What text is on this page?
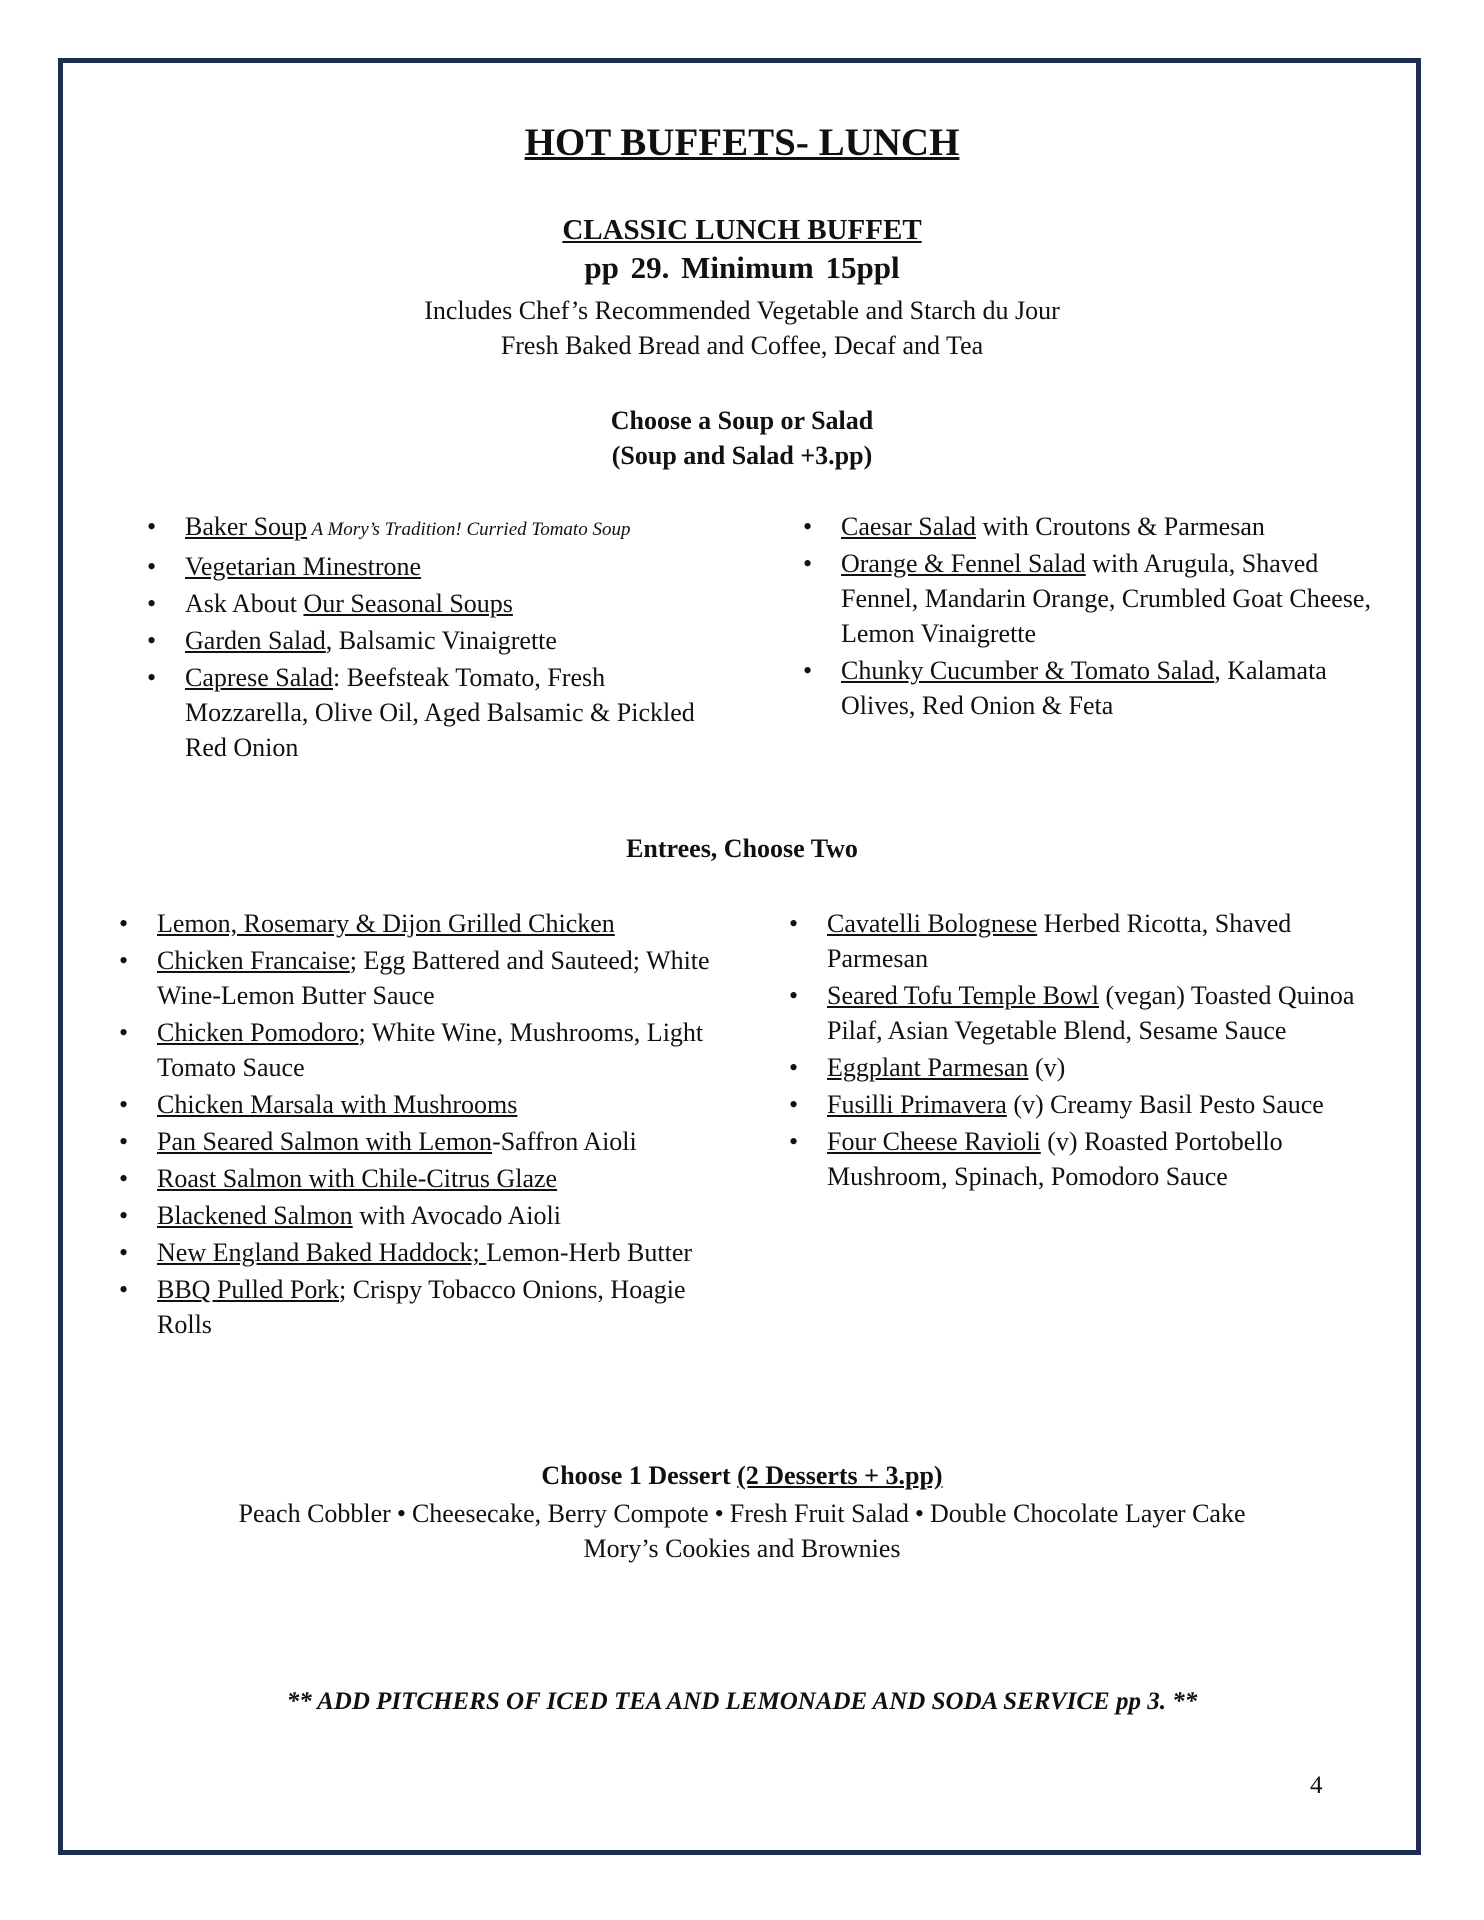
HOT BUFFETS- LUNCH
CLASSIC LUNCH BUFFET
pp 29. Minimum 15ppl
Includes Chef’s Recommended Vegetable and Starch du Jour
Fresh Baked Bread and Coffee, Decaf and Tea
Choose a Soup or Salad
(Soup and Salad +3.pp)
• Baker Soup A Mory’s Tradition! Curried Tomato Soup
• Vegetarian Minestrone
• Ask About Our Seasonal Soups
• Garden Salad, Balsamic Vinaigrette
• Caprese Salad: Beefsteak Tomato, Fresh Mozzarella, Olive Oil, Aged Balsamic & Pickled Red Onion
• Caesar Salad with Croutons & Parmesan
• Orange & Fennel Salad with Arugula, Shaved Fennel, Mandarin Orange, Crumbled Goat Cheese, Lemon Vinaigrette
• Chunky Cucumber & Tomato Salad, Kalamata Olives, Red Onion & Feta
Entrees, Choose Two
• Lemon, Rosemary & Dijon Grilled Chicken
• Chicken Francaise; Egg Battered and Sauteed; White Wine-Lemon Butter Sauce
• Chicken Pomodoro; White Wine, Mushrooms, Light Tomato Sauce
• Chicken Marsala with Mushrooms
• Pan Seared Salmon with Lemon-Saffron Aioli
• Roast Salmon with Chile-Citrus Glaze
• Blackened Salmon with Avocado Aioli
• New England Baked Haddock; Lemon-Herb Butter
• BBQ Pulled Pork; Crispy Tobacco Onions, Hoagie Rolls
• Cavatelli Bolognese Herbed Ricotta, Shaved Parmesan
• Seared Tofu Temple Bowl (vegan) Toasted Quinoa Pilaf, Asian Vegetable Blend, Sesame Sauce
• Eggplant Parmesan (v)
• Fusilli Primavera (v) Creamy Basil Pesto Sauce
• Four Cheese Ravioli (v) Roasted Portobello Mushroom, Spinach, Pomodoro Sauce
Choose 1 Dessert (2 Desserts + 3.pp)
Peach Cobbler • Cheesecake, Berry Compote • Fresh Fruit Salad • Double Chocolate Layer Cake
Mory’s Cookies and Brownies
** ADD PITCHERS OF ICED TEA AND LEMONADE AND SODA SERVICE pp 3. **
4
